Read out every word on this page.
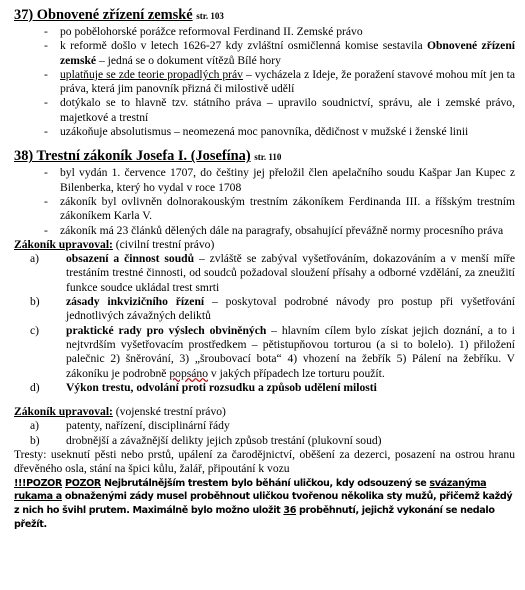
37) Obnovené zřízení zemské str. 103
- po pobělohorské porážce reformoval Ferdinand II. Zemské právo
- k reformě došlo v letech 1626-27 kdy zvláštní osmičlenná komise sestavila Obnovené zřízení zemské – jedná se o dokument vítězů Bílé hory
- uplatňuje se zde teorie propadlých práv – vycházela z Ideje, že poražení stavové mohou mít jen ta práva, která jim panovník přizná či milostivě udělí
- dotýkalo se to hlavně tzv. státního práva – upravilo soudnictví, správu, ale i zemské právo, majetkové a trestní
- uzákoňuje absolutismus – neomezená moc panovníka, dědičnost v mužské i ženské linii
38) Trestní zákoník Josefa I. (Josefína) str. 110
- byl vydán 1. července 1707, do češtiny jej přeložil člen apelačního soudu Kašpar Jan Kupec z Bilenberka, který ho vydal v roce 1708
- zákoník byl ovlivněn dolnorakouským trestním zákoníkem Ferdinanda III. a říšským trestním zákoníkem Karla V.
- zákoník má 23 článků dělených dále na paragrafy, obsahující převážně normy procesního práva

Zákoník upravoval: (civilní trestní právo)

a) obsazení a činnost soudů – zvláště se zabýval vyšetřováním, dokazováním a v menší míře trestáním trestné činnosti, od soudců požadoval sloužení přísahy a odborné vzdělání, za zneužití funkce soudce ukládal trest smrti
b) zásady inkvizičního řízení – poskytoval podrobné návody pro postup při vyšetřování jednotlivých závažných deliktů
c) praktické rady pro výslech obviněných – hlavním cílem bylo získat jejich doznání, a to i nejtvrdším vyšetřovacím prostředkem – pětistupňovou torturou (a si to bolelo). 1) přiložení palečnic 2) šněrování, 3) „šroubovací bota“ 4) vhození na žebřík 5) Pálení na žebříku. V zákoníku je podrobně popsáno v jakých případech lze torturu použít.
d) Výkon trestu, odvolání proti rozsudku a způsob udělení milosti

Zákoník upravoval: (vojenské trestní právo)

a) patenty, nařízení, disciplinární řády
b) drobnější a závažnější delikty jejich způsob trestání (plukovní soud)

Tresty: useknutí pěsti nebo prstů, upálení za čarodějnictví, oběšení za dezerci, posazení na ostrou hranu dřevěného osla, stání na špici kůlu, žalář, připoutání k vozu

!!!POZOR POZOR Nejbrutálnějším trestem bylo běhání uličkou, kdy odsouzený se svázanýma rukama a obnaženými zády musel proběhnout uličkou tvořenou několika sty mužů, přičemž každý z nich ho švihl prutem. Maximálně bylo možno uložit 36 proběhnutí, jejichž vykonání se nedalo přežít.
